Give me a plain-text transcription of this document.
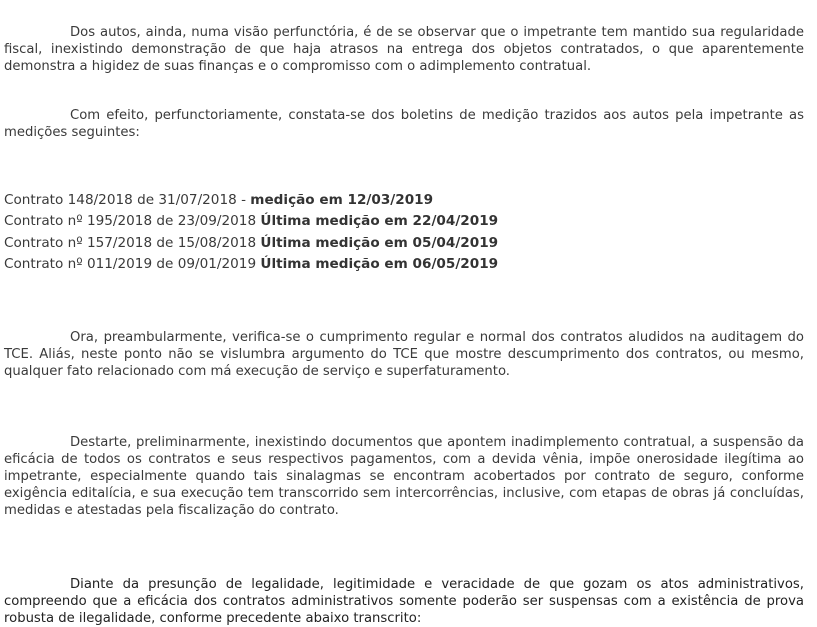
Dos autos, ainda, numa visão perfunctória, é de se observar que o impetrante tem mantido sua regularidade fiscal, inexistindo demonstração de que haja atrasos na entrega dos objetos contratados, o que aparentemente demonstra a higidez de suas finanças e o compromisso com o adimplemento contratual.

Com efeito, perfunctoriamente, constata-se dos boletins de medição trazidos aos autos pela impetrante as medições seguintes:

Contrato 148/2018 de 31/07/2018 - medição em 12/03/2019

Contrato nº 195/2018 de 23/09/2018 Última medição em 22/04/2019

Contrato nº 157/2018 de 15/08/2018 Última medição em 05/04/2019

Contrato nº 011/2019 de 09/01/2019 Última medição em 06/05/2019

Ora, preambularmente, verifica-se o cumprimento regular e normal dos contratos aludidos na auditagem do TCE. Aliás, neste ponto não se vislumbra argumento do TCE que mostre descumprimento dos contratos, ou mesmo, qualquer fato relacionado com má execução de serviço e superfaturamento.

Destarte, preliminarmente, inexistindo documentos que apontem inadimplemento contratual, a suspensão da eficácia de todos os contratos e seus respectivos pagamentos, com a devida vênia, impõe onerosidade ilegítima ao impetrante, especialmente quando tais sinalagmas se encontram acobertados por contrato de seguro, conforme exigência editalícia, e sua execução tem transcorrido sem intercorrências, inclusive, com etapas de obras já concluídas, medidas e atestadas pela fiscalização do contrato.

Diante da presunção de legalidade, legitimidade e veracidade de que gozam os atos administrativos, compreendo que a eficácia dos contratos administrativos somente poderão ser suspensas com a existência de prova robusta de ilegalidade, conforme precedente abaixo transcrito:
